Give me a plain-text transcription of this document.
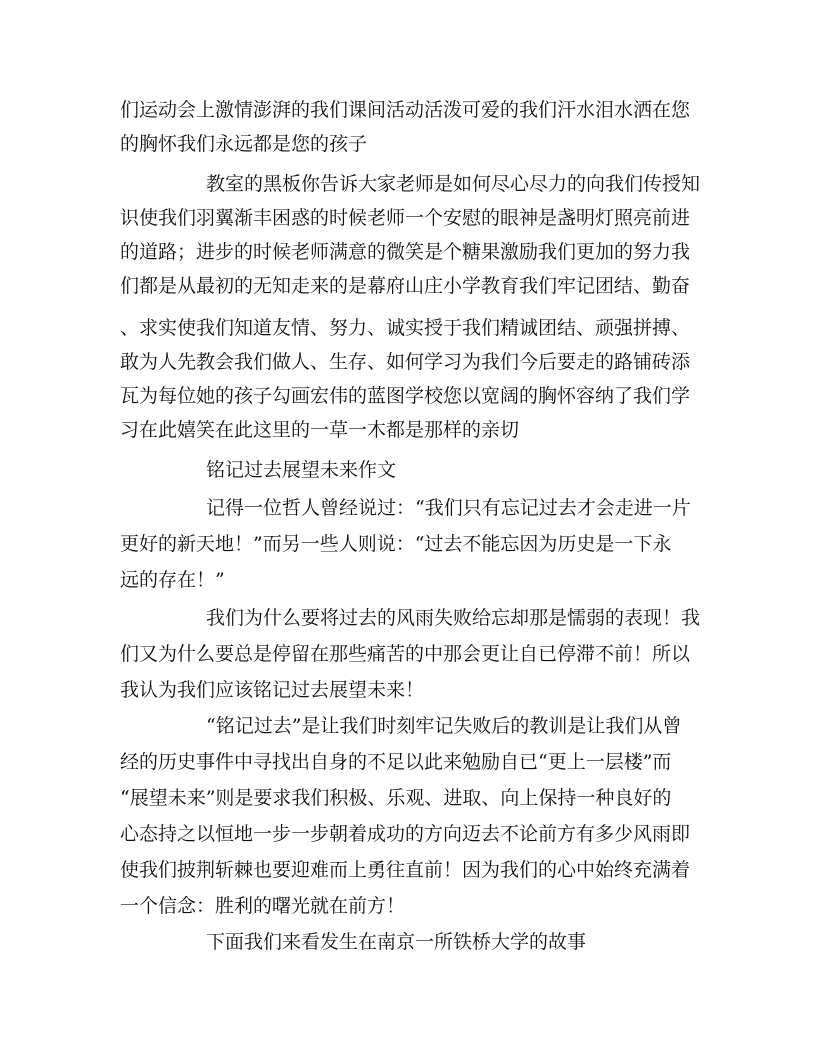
们运动会上激情澎湃的我们课间活动活泼可爱的我们汗水泪水洒在您
的胸怀我们永远都是您的孩子
教室的黑板你告诉大家老师是如何尽心尽力的向我们传授知
识使我们羽翼渐丰困惑的时候老师一个安慰的眼神是盏明灯照亮前进
的道路；进步的时候老师满意的微笑是个糖果激励我们更加的努力我
们都是从最初的无知走来的是幕府山庄小学教育我们牢记团结、勤奋
、求实使我们知道友情、努力、诚实授于我们精诚团结、顽强拼搏、
敢为人先教会我们做人、生存、如何学习为我们今后要走的路铺砖添
瓦为每位她的孩子勾画宏伟的蓝图学校您以宽阔的胸怀容纳了我们学
习在此嬉笑在此这里的一草一木都是那样的亲切
铭记过去展望未来作文
记得一位哲人曾经说过：“我们只有忘记过去才会走进一片
更好的新天地！”而另一些人则说：“过去不能忘因为历史是一下永
远的存在！”
我们为什么要将过去的风雨失败给忘却那是懦弱的表现！我
们又为什么要总是停留在那些痛苦的中那会更让自已停滞不前！所以
我认为我们应该铭记过去展望未来！
“铭记过去”是让我们时刻牢记失败后的教训是让我们从曾
经的历史事件中寻找出自身的不足以此来勉励自已“更上一层楼”而
“展望未来”则是要求我们积极、乐观、进取、向上保持一种良好的
心态持之以恒地一步一步朝着成功的方向迈去不论前方有多少风雨即
使我们披荆斩棘也要迎难而上勇往直前！因为我们的心中始终充满着
一个信念：胜利的曙光就在前方！
下面我们来看发生在南京一所铁桥大学的故事
